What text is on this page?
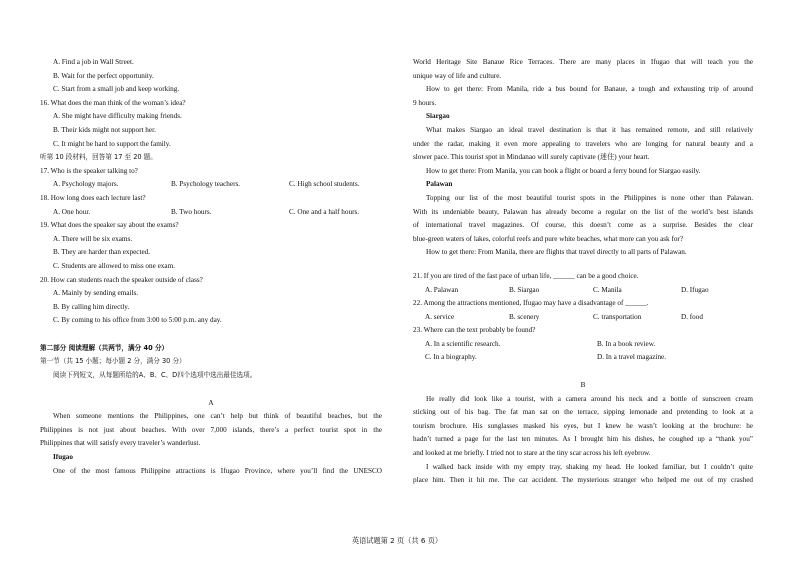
A. Find a job in Wall Street.
B. Wait for the perfect opportunity.
C. Start from a small job and keep working.
16. What does the man think of the woman’s idea?
A. She might have difficulty making friends.
B. Their kids might not support her.
C. It might be hard to support the family.
听第 10 段材料，回答第 17 至 20 题。
17. Who is the speaker talking to?
A. Psychology majors.	B. Psychology teachers.	C. High school students.
18. How long does each lecture last?
A. One hour.	B. Two hours.	C. One and a half hours.
19. What does the speaker say about the exams?
A. There will be six exams.
B. They are harder than expected.
C. Students are allowed to miss one exam.
20. How can students reach the speaker outside of class?
A. Mainly by sending emails.
B. By calling him directly.
C. By coming to his office from 3:00 to 5:00 p.m. any day.
第二部分 阅读理解（共两节，满分 40 分）
第一节（共 15 小题；每小题 2 分，满分 30 分）
阅读下列短文，从每题所给的A、B、C、D四个选项中选出最佳选项。
A
When someone mentions the Philippines, one can’t help but think of beautiful beaches, but the
Philippines is not just about beaches. With over 7,000 islands, there’s a perfect tourist spot in the
Philippines that will satisfy every traveler’s wanderlust.
Ifugao
One of the most famous Philippine attractions is Ifugao Province, where you’ll find the UNESCO
World Heritage Site Banaue Rice Terraces. There are many places in Ifugao that will teach you the
unique way of life and culture.
How to get there: From Manila, ride a bus bound for Banaue, a tough and exhausting trip of around
9 hours.
Siargao
What makes Siargao an ideal travel destination is that it has remained remote, and still relatively
under the radar, making it even more appealing to travelers who are longing for natural beauty and a
slower pace. This tourist spot in Mindanao will surely captivate (迷住) your heart.
How to get there: From Manila, you can book a flight or board a ferry bound for Siargao easily.
Palawan
Topping our list of the most beautiful tourist spots in the Philippines is none other than Palawan.
With its undeniable beauty, Palawan has already become a regular on the list of the world’s best islands
of international travel magazines. Of course, this doesn’t come as a surprise. Besides the clear
blue-green waters of lakes, colorful reefs and pure white beaches, what more can you ask for?
How to get there: From Manila, there are flights that travel directly to all parts of Palawan.
21. If you are tired of the fast pace of urban life, ______ can be a good choice.
A. Palawan	B. Siargao	C. Manila	D. Ifugao
22. Among the attractions mentioned, Ifugao may have a disadvantage of ______.
A. service	B. scenery	C. transportation	D. food
23. Where can the text probably be found?
A. In a scientific research.	B. In a book review.
C. In a biography.	D. In a travel magazine.
B
He really did look like a tourist, with a camera around his neck and a bottle of sunscreen cream
sticking out of his bag. The fat man sat on the terrace, sipping lemonade and pretending to look at a
tourism brochure. His sunglasses masked his eyes, but I knew he wasn’t looking at the brochure: he
hadn’t turned a page for the last ten minutes. As I brought him his dishes, he coughed up a “thank you”
and looked at me briefly. I tried not to stare at the tiny scar across his left eyebrow.
I walked back inside with my empty tray, shaking my head. He looked familiar, but I couldn’t quite
place him. Then it hit me. The car accident. The mysterious stranger who helped me out of my crashed
英语试题第 2 页（共 6 页）
